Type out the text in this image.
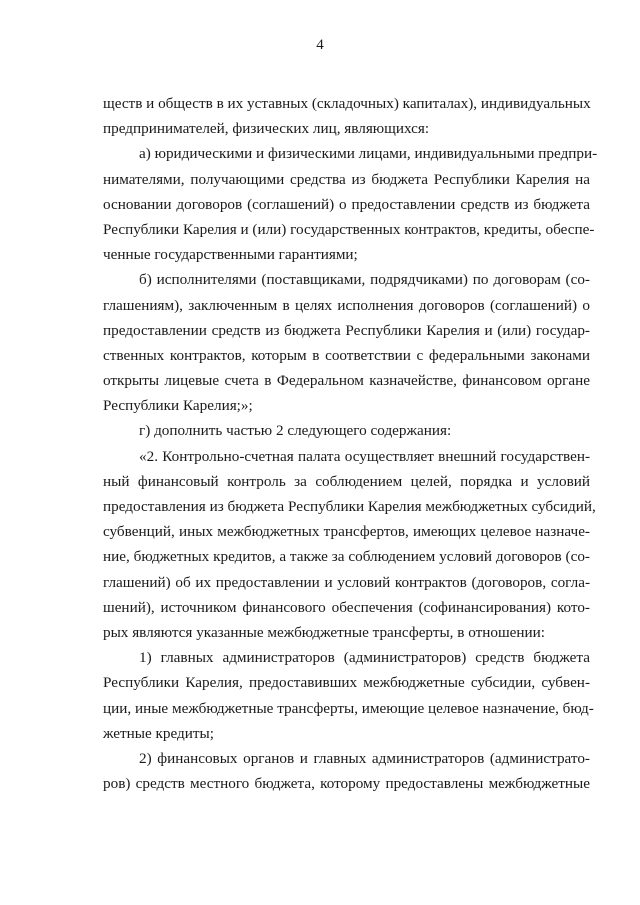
4
ществ и обществ в их уставных (складочных) капиталах), индивидуальных
предпринимателей, физических лиц, являющихся:
а) юридическими и физическими лицами, индивидуальными предпри-
нимателями, получающими средства из бюджета Республики Карелия на
основании договоров (соглашений) о предоставлении средств из бюджета
Республики Карелия и (или) государственных контрактов, кредиты, обеспе-
ченные государственными гарантиями;
б) исполнителями (поставщиками, подрядчиками) по договорам (со-
глашениям), заключенным в целях исполнения договоров (соглашений) о
предоставлении средств из бюджета Республики Карелия и (или) государ-
ственных контрактов, которым в соответствии с федеральными законами
открыты лицевые счета в Федеральном казначействе, финансовом органе
Республики Карелия;»;
г) дополнить частью 2 следующего содержания:
«2. Контрольно-счетная палата осуществляет внешний государствен-
ный финансовый контроль за соблюдением целей, порядка и условий
предоставления из бюджета Республики Карелия межбюджетных субсидий,
субвенций, иных межбюджетных трансфертов, имеющих целевое назначе-
ние, бюджетных кредитов, а также за соблюдением условий договоров (со-
глашений) об их предоставлении и условий контрактов (договоров, согла-
шений), источником финансового обеспечения (софинансирования) кото-
рых являются указанные межбюджетные трансферты, в отношении:
1) главных администраторов (администраторов) средств бюджета
Республики Карелия, предоставивших межбюджетные субсидии, субвен-
ции, иные межбюджетные трансферты, имеющие целевое назначение, бюд-
жетные кредиты;
2) финансовых органов и главных администраторов (администрато-
ров) средств местного бюджета, которому предоставлены межбюджетные
